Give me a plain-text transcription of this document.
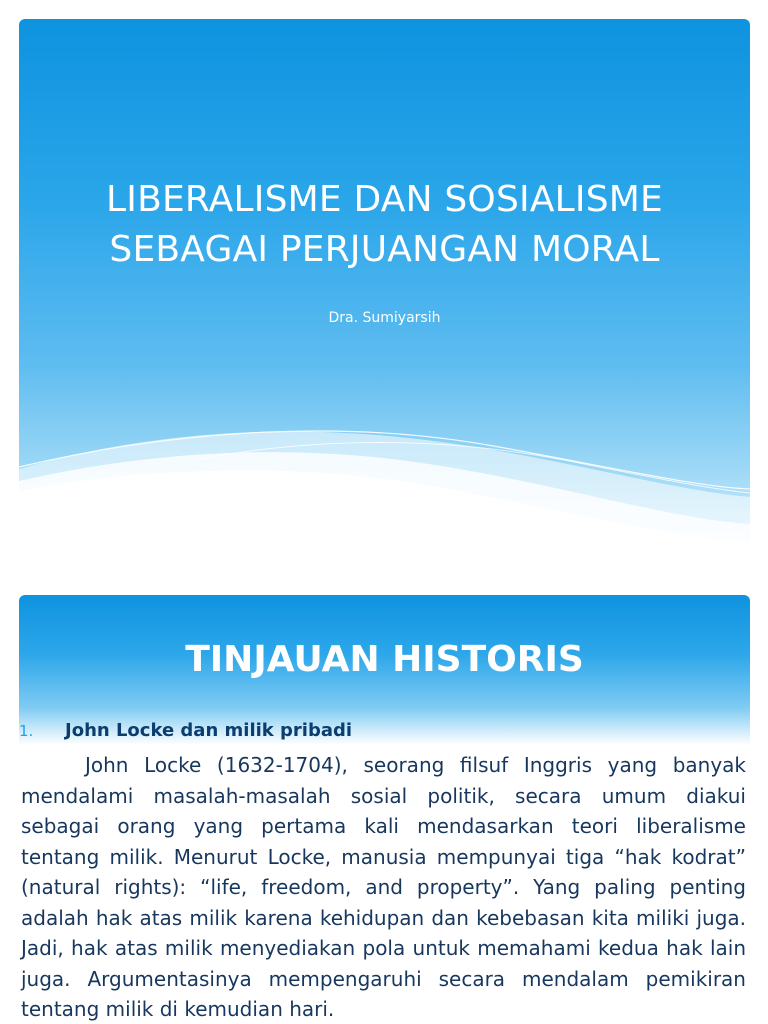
LIBERALISME DAN SOSIALISME
SEBAGAI PERJUANGAN MORAL

Dra. Sumiyarsih

TINJAUAN HISTORIS
1. John Locke dan milik pribadi

John Locke (1632-1704), seorang filsuf Inggris yang banyak mendalami masalah-masalah sosial politik, secara umum diakui sebagai orang yang pertama kali mendasarkan teori liberalisme tentang milik. Menurut Locke, manusia mempunyai tiga “hak kodrat” (natural rights): “life, freedom, and property”. Yang paling penting adalah hak atas milik karena kehidupan dan kebebasan kita miliki juga. Jadi, hak atas milik menyediakan pola untuk memahami kedua hak lain juga. Argumentasinya mempengaruhi secara mendalam pemikiran tentang milik di kemudian hari.
